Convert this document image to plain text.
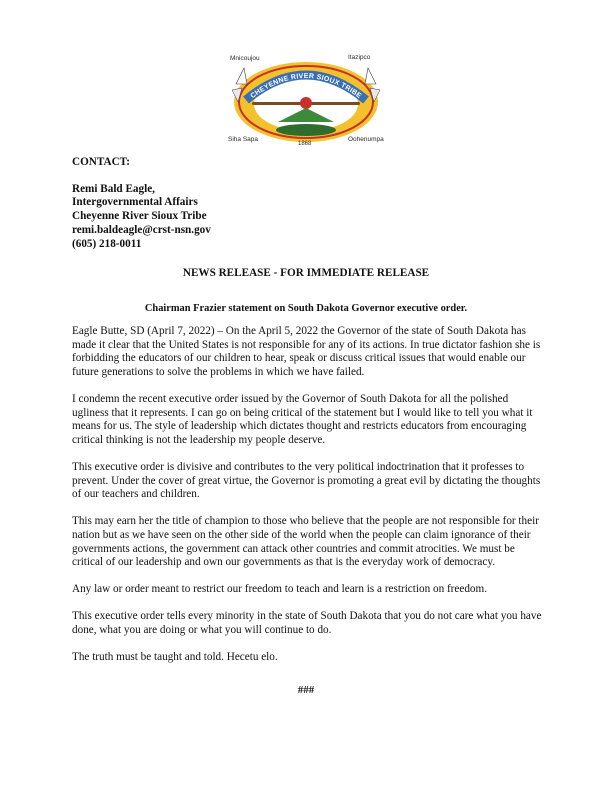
CHEYENNE RIVER SIOUX TRIBE
Mnicoujou	Itazipco
Siha Sapa	Oohenumpa
1868
CONTACT:
Remi Bald Eagle,
Intergovernmental Affairs
Cheyenne River Sioux Tribe
remi.baldeagle@crst-nsn.gov
(605) 218-0011
NEWS RELEASE - FOR IMMEDIATE RELEASE
Chairman Frazier statement on South Dakota Governor executive order.

Eagle Butte, SD (April 7, 2022) – On the April 5, 2022 the Governor of the state of South Dakota has made it clear that the United States is not responsible for any of its actions. In true dictator fashion she is forbidding the educators of our children to hear, speak or discuss critical issues that would enable our future generations to solve the problems in which we have failed.

I condemn the recent executive order issued by the Governor of South Dakota for all the polished ugliness that it represents. I can go on being critical of the statement but I would like to tell you what it means for us. The style of leadership which dictates thought and restricts educators from encouraging critical thinking is not the leadership my people deserve.

This executive order is divisive and contributes to the very political indoctrination that it professes to prevent. Under the cover of great virtue, the Governor is promoting a great evil by dictating the thoughts of our teachers and children.

This may earn her the title of champion to those who believe that the people are not responsible for their nation but as we have seen on the other side of the world when the people can claim ignorance of their governments actions, the government can attack other countries and commit atrocities. We must be critical of our leadership and own our governments as that is the everyday work of democracy.

Any law or order meant to restrict our freedom to teach and learn is a restriction on freedom.

This executive order tells every minority in the state of South Dakota that you do not care what you have done, what you are doing or what you will continue to do.

The truth must be taught and told. Hecetu elo.

###
